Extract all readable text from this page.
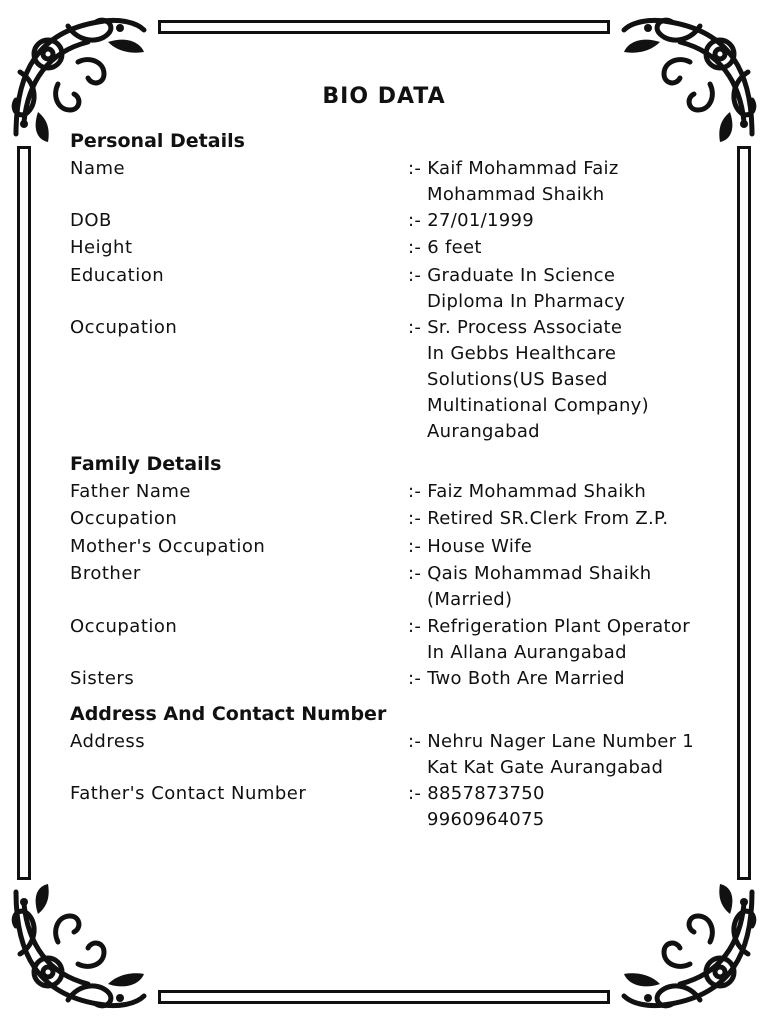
BIO DATA
Personal Details
Name	:- Kaif Mohammad Faiz
Mohammad Shaikh
DOB	:- 27/01/1999
Height	:- 6 feet
Education	:- Graduate In Science
Diploma In Pharmacy
Occupation	:- Sr. Process Associate
In Gebbs Healthcare
Solutions(US Based
Multinational Company)
Aurangabad
Family Details
Father Name	:- Faiz Mohammad Shaikh
Occupation	:- Retired SR.Clerk From Z.P.
Mother's Occupation	:- House Wife
Brother	:- Qais Mohammad Shaikh
(Married)
Occupation	:- Refrigeration Plant Operator
In Allana Aurangabad
Sisters	:- Two Both Are Married
Address And Contact Number
Address	:- Nehru Nager Lane Number 1
Kat Kat Gate Aurangabad
Father's Contact Number	:- 8857873750
9960964075
